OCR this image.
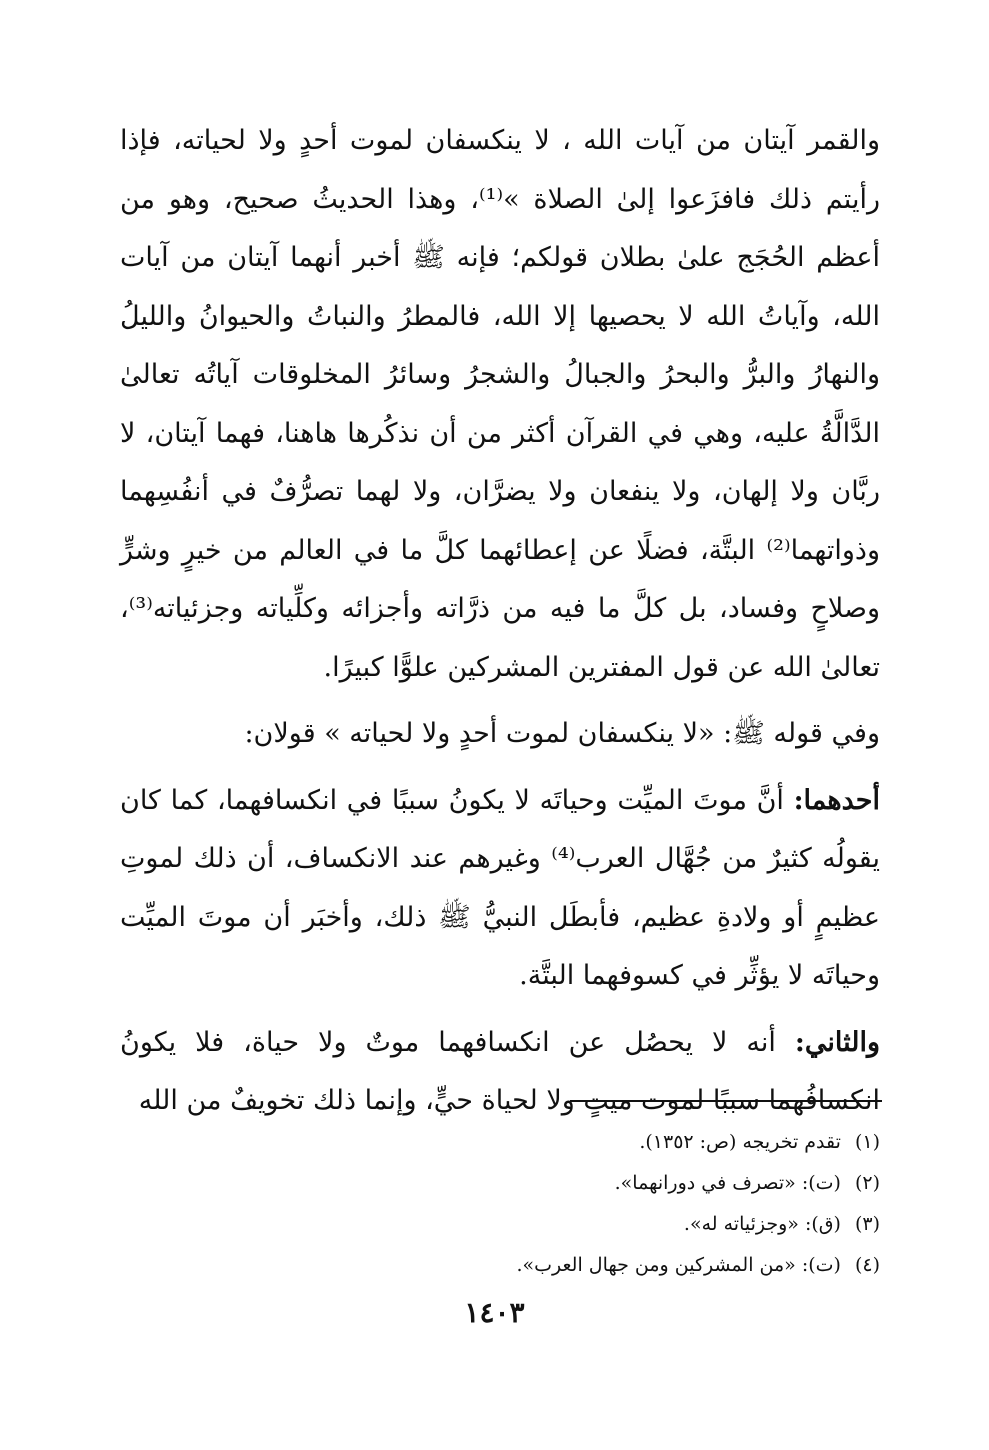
والقمر آيتان من آيات الله ، لا ينكسفان لموت أحدٍ ولا لحياته، فإذا رأيتم ذلك فافزَعوا إلىٰ الصلاة »⁽¹⁾، وهذا الحديثُ صحيح، وهو من أعظم الحُجَج علىٰ بطلان قولكم؛ فإنه ﷺ أخبر أنهما آيتان من آيات الله، وآياتُ الله لا يحصيها إلا الله، فالمطرُ والنباتُ والحيوانُ والليلُ والنهارُ والبرُّ والبحرُ والجبالُ والشجرُ وسائرُ المخلوقات آياتُه تعالىٰ الدَّالَّةُ عليه، وهي في القرآن أكثر من أن نذكُرها هاهنا، فهما آيتان، لا ربَّان ولا إلهان، ولا ينفعان ولا يضرَّان، ولا لهما تصرُّفٌ في أنفُسِهما وذواتهما⁽²⁾ البتَّة، فضلًا عن إعطائهما كلَّ ما في العالم من خيرٍ وشرٍّ وصلاحٍ وفساد، بل كلَّ ما فيه من ذرَّاته وأجزائه وكلِّياته وجزئياته⁽³⁾، تعالىٰ الله عن قول المفترين المشركين علوًّا كبيرًا.

وفي قوله ﷺ: «لا ينكسفان لموت أحدٍ ولا لحياته » قولان:

أحدهما: أنَّ موتَ الميِّت وحياتَه لا يكونُ سببًا في انكسافهما، كما كان يقولُه كثيرٌ من جُهَّال العرب⁽⁴⁾ وغيرهم عند الانكساف، أن ذلك لموتِ عظيمٍ أو ولادةِ عظيم، فأبطَل النبيُّ ﷺ ذلك، وأخبَر أن موتَ الميِّت وحياتَه لا يؤثِّر في كسوفهما البتَّة.

والثاني: أنه لا يحصُل عن انكسافهما موتٌ ولا حياة، فلا يكونُ انكسافُهما سببًا لموت ميتٍ ولا لحياة حيٍّ، وإنما ذلك تخويفٌ من الله

(١)تقدم تخريجه (ص: ١٣٥٢).
(٢)(ت): «تصرف في دورانهما».
(٣)(ق): «وجزئياته له».
(٤)(ت): «من المشركين ومن جهال العرب».
١٤٠٣
